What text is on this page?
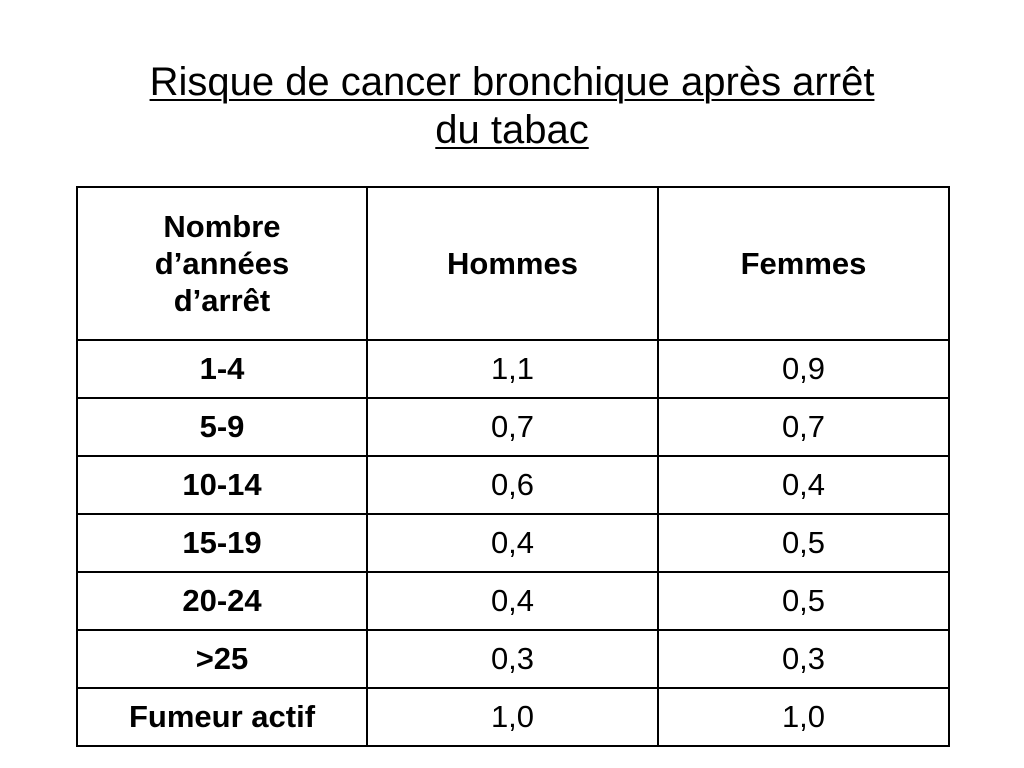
Risque de cancer bronchique après arrêt
du tabac
Nombre
d’années
d’arrêt	Hommes	Femmes
1-4	1,1	0,9
5-9	0,7	0,7
10-14	0,6	0,4
15-19	0,4	0,5
20-24	0,4	0,5
>25	0,3	0,3
Fumeur actif	1,0	1,0
